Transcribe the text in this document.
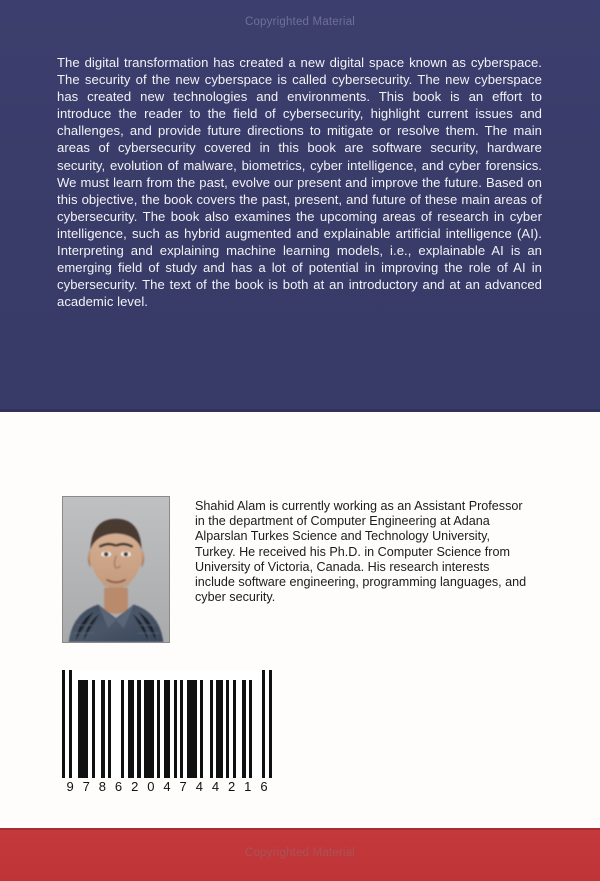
Copyrighted Material
The digital transformation has created a new digital space known as cyberspace. The security of the new cyberspace is called cybersecurity. The new cyberspace has created new technologies and environments. This book is an effort to introduce the reader to the field of cybersecurity, highlight current issues and challenges, and provide future directions to mitigate or resolve them. The main areas of cybersecurity covered in this book are software security, hardware security, evolution of malware, biometrics, cyber intelligence, and cyber forensics. We must learn from the past, evolve our present and improve the future. Based on this objective, the book covers the past, present, and future of these main areas of cybersecurity. The book also examines the upcoming areas of research in cyber intelligence, such as hybrid augmented and explainable artificial intelligence (AI). Interpreting and explaining machine learning models, i.e., explainable AI is an emerging field of study and has a lot of potential in improving the role of AI in cybersecurity. The text of the book is both at an introductory and at an advanced academic level.
Shahid Alam is currently working as an Assistant Professor in the department of Computer Engineering at Adana Alparslan Turkes Science and Technology University, Turkey. He received his Ph.D. in Computer Science from University of Victoria, Canada. His research interests include software engineering, programming languages, and cyber security.
9 7 8 6 2 0 4 7 4 4 2 1 6
Copyrighted Material
